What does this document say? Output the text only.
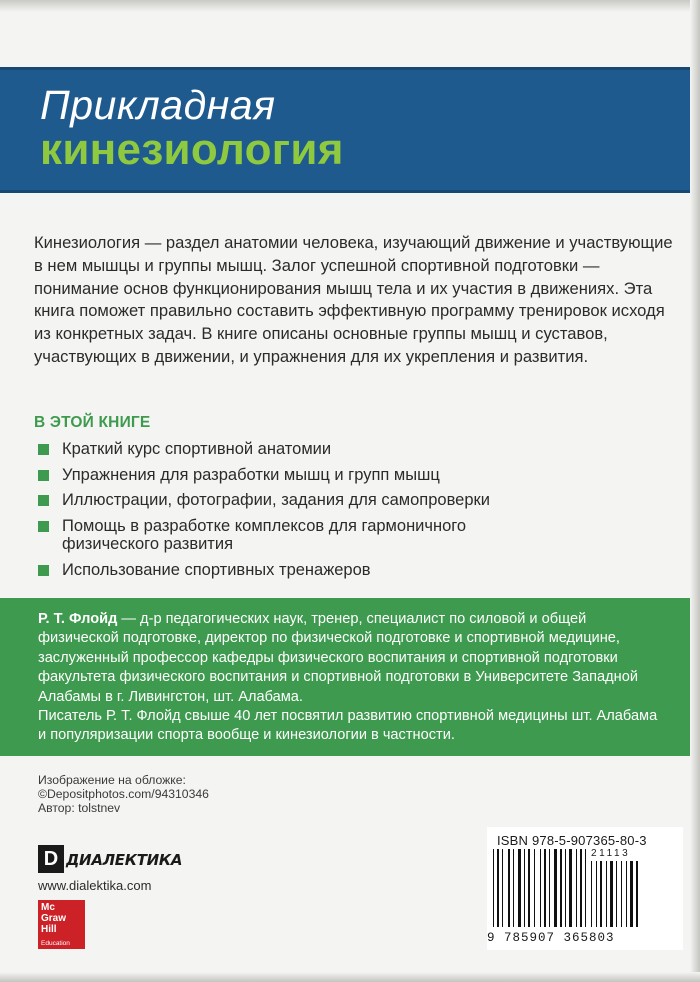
Прикладная
кинезиология

Кинезиология — раздел анатомии человека, изучающий движение и участвующие в нем мышцы и группы мышц. Залог успешной спортивной подготовки — понимание основ функционирования мышц тела и их участия в движениях. Эта книга поможет правильно составить эффективную программу тренировок исходя из конкретных задач. В книге описаны основные группы мышц и суставов, участвующих в движении, и упражнения для их укрепления и развития.

В ЭТОЙ КНИГЕ
Краткий курс спортивной анатомии
Упражнения для разработки мышц и групп мышц
Иллюстрации, фотографии, задания для самопроверки
Помощь в разработке комплексов для гармоничного физического развития
Использование спортивных тренажеров
Р. Т. Флойд — д-р педагогических наук, тренер, специалист по силовой и общей физической подготовке, директор по физической подготовке и спортивной медицине, заслуженный профессор кафедры физического воспитания и спортивной подготовки факультета физического воспитания и спортивной подготовки в Университете Западной Алабамы в г. Ливингстон, шт. Алабама.
Писатель Р. Т. Флойд свыше 40 лет посвятил развитию спортивной медицины шт. Алабама и популяризации спорта вообще и кинезиологии в частности.
Изображение на обложке:
©Depositphotos.com/94310346
Автор: tolstnev
D ДИАЛЕКТИКА
www.dialektika.com
Mc
Graw
Hill
Education
ISBN 978-5-907365-80-3
21113
9 785907 365803
